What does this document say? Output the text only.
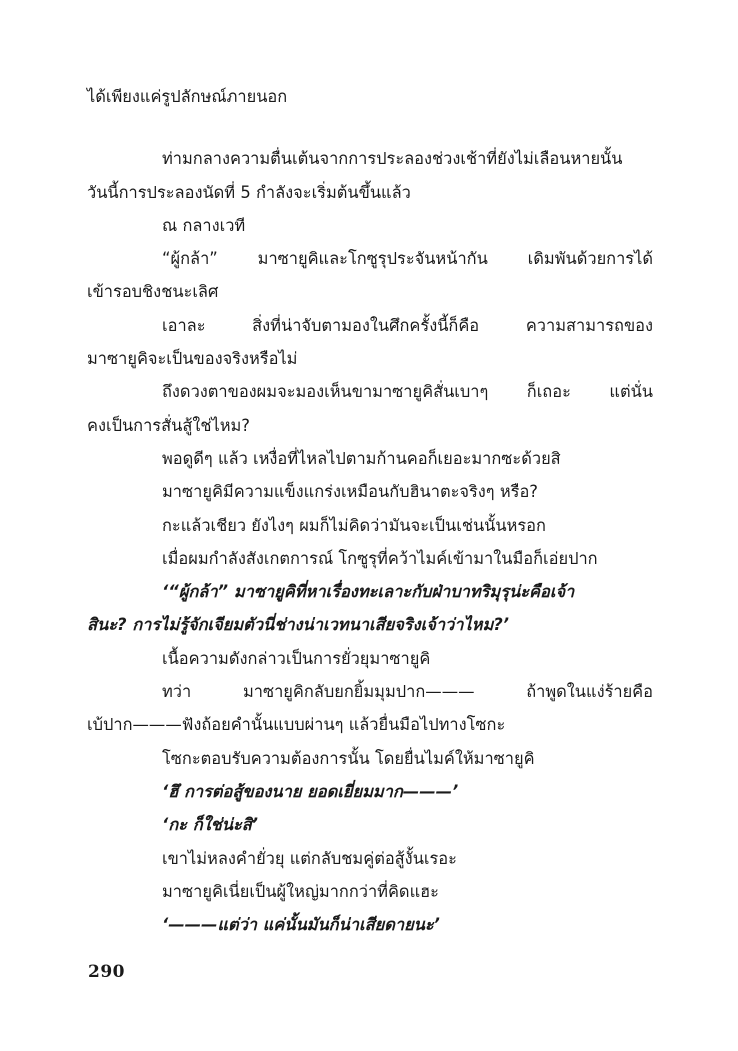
ได้เพียงแค่รูปลักษณ์ภายนอก
ท่ามกลางความตื่นเต้นจากการประลองช่วงเช้าที่ยังไม่เลือนหายนั้น
วันนี้การประลองนัดที่ 5 กำลังจะเริ่มต้นขึ้นแล้ว
ณ กลางเวที
“ผู้กล้า” มาซายูคิและโกซูรุประจันหน้ากัน เดิมพันด้วยการได้
เข้ารอบชิงชนะเลิศ
เอาละ	สิ่งที่น่าจับตามองในศึกครั้งนี้ก็คือ	ความสามารถของ
มาซายูคิจะเป็นของจริงหรือไม่
ถึงดวงตาของผมจะมองเห็นขามาซายูคิสั่นเบาๆ ก็เถอะ แต่นั่น
คงเป็นการสั่นสู้ใช่ไหม?
พอดูดีๆ แล้ว เหงื่อที่ไหลไปตามก้านคอก็เยอะมากซะด้วยสิ
มาซายูคิมีความแข็งแกร่งเหมือนกับฮินาตะจริงๆ หรือ?
กะแล้วเชียว ยังไงๆ ผมก็ไม่คิดว่ามันจะเป็นเช่นนั้นหรอก
เมื่อผมกำลังสังเกตการณ์ โกซูรุที่คว้าไมค์เข้ามาในมือก็เอ่ยปาก
‘“ผู้กล้า” มาซายูคิที่หาเรื่องทะเลาะกับฝ่าบาทริมุรุน่ะคือเจ้า
สินะ? การไม่รู้จักเจียมตัวนี่ช่างน่าเวทนาเสียจริงเจ้าว่าไหม?’
เนื้อความดังกล่าวเป็นการยั่วยุมาซายูคิ
ทว่า	มาซายูคิกลับยกยิ้มมุมปาก———	ถ้าพูดในแง่ร้ายคือ
เบ้ปาก———ฟังถ้อยคำนั้นแบบผ่านๆ แล้วยื่นมือไปทางโซกะ
โซกะตอบรับความต้องการนั้น โดยยื่นไมค์ให้มาซายูคิ
‘ฮึ การต่อสู้ของนาย ยอดเยี่ยมมาก———’
‘กะ ก็ใช่น่ะสิ’
เขาไม่หลงคำยั่วยุ แต่กลับชมคู่ต่อสู้งั้นเรอะ
มาซายูคิเนี่ยเป็นผู้ใหญ่มากกว่าที่คิดแฮะ
‘———แต่ว่า แค่นั้นมันก็น่าเสียดายนะ’
290
